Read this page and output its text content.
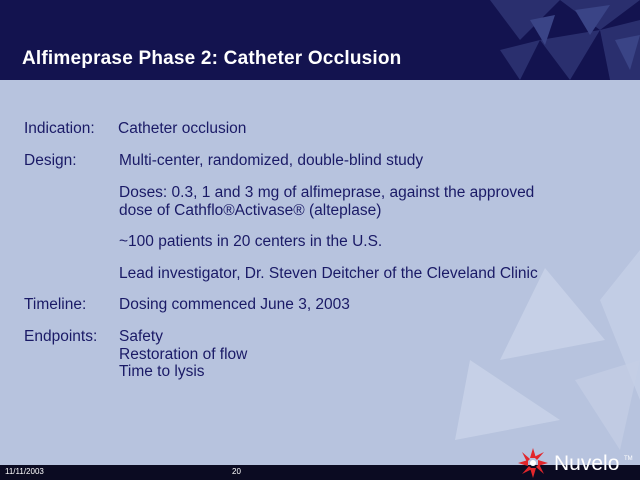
Alfimeprase Phase 2: Catheter Occlusion
Indication: Catheter occlusion
Design:	Multi-center, randomized, double-blind study
Doses: 0.3, 1 and 3 mg of alfimeprase, against the approved
dose of Cathflo®Activase® (alteplase)
~100 patients in 20 centers in the U.S.
Lead investigator, Dr. Steven Deitcher of the Cleveland Clinic
Timeline: Dosing commenced June 3, 2003
Endpoints: Safety
Restoration of flow
Time to lysis
11/11/2003	20	Nuvelo TM
